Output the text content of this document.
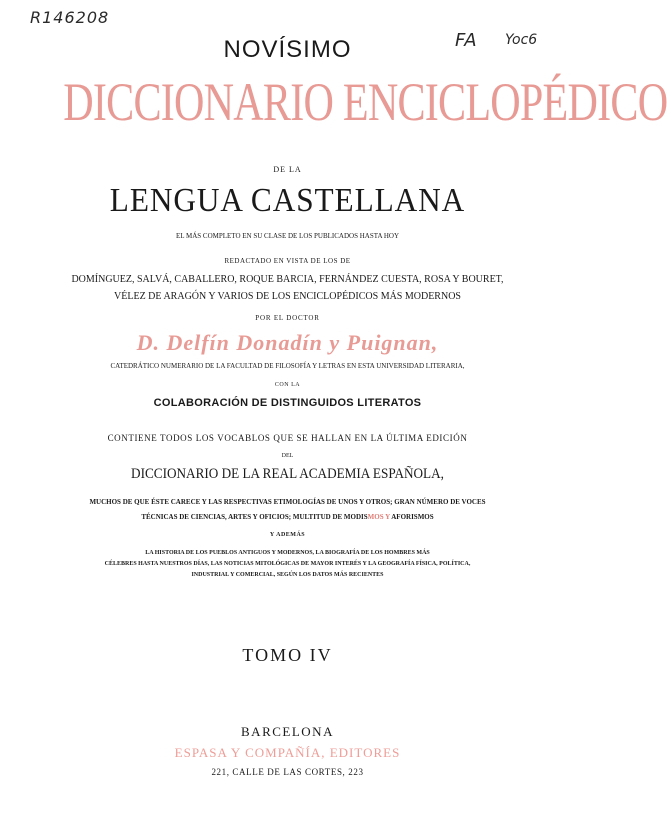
R146208
FA Yoc6
NOVÍSIMO
DICCIONARIO ENCICLOPÉDICO
DE LA
LENGUA CASTELLANA
EL MÁS COMPLETO EN SU CLASE DE LOS PUBLICADOS HASTA HOY
REDACTADO EN VISTA DE LOS DE
DOMÍNGUEZ, SALVÁ, CABALLERO, ROQUE BARCIA, FERNÁNDEZ CUESTA, ROSA Y BOURET,
VÉLEZ DE ARAGÓN Y VARIOS DE LOS ENCICLOPÉDICOS MÁS MODERNOS
POR EL DOCTOR
D. Delfín Donadín y Puignan,
CATEDRÁTICO NUMERARIO DE LA FACULTAD DE FILOSOFÍA Y LETRAS EN ESTA UNIVERSIDAD LITERARIA,
CON LA
COLABORACIÓN DE DISTINGUIDOS LITERATOS
CONTIENE TODOS LOS VOCABLOS QUE SE HALLAN EN LA ÚLTIMA EDICIÓN
DEL
DICCIONARIO DE LA REAL ACADEMIA ESPAÑOLA,
MUCHOS DE QUE ÉSTE CARECE Y LAS RESPECTIVAS ETIMOLOGÍAS DE UNOS Y OTROS; GRAN NÚMERO DE VOCES
TÉCNICAS DE CIENCIAS, ARTES Y OFICIOS; MULTITUD DE MODISMOS Y AFORISMOS
Y ADEMÁS
LA HISTORIA DE LOS PUEBLOS ANTIGUOS Y MODERNOS, LA BIOGRAFÍA DE LOS HOMBRES MÁS
CÉLEBRES HASTA NUESTROS DÍAS, LAS NOTICIAS MITOLÓGICAS DE MAYOR INTERÉS Y LA GEOGRAFÍA FÍSICA, POLÍTICA,
INDUSTRIAL Y COMERCIAL, SEGÚN LOS DATOS MÁS RECIENTES
TOMO IV
BARCELONA
ESPASA Y COMPAÑÍA, EDITORES
221, CALLE DE LAS CORTES, 223
